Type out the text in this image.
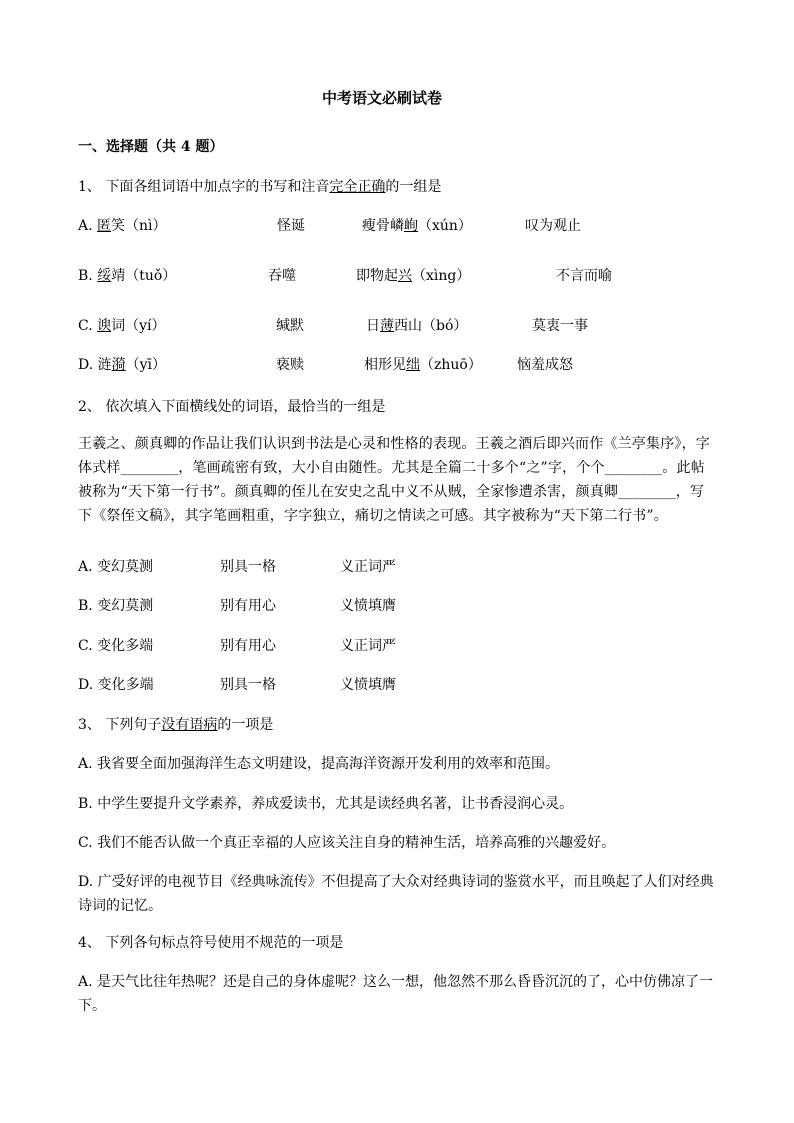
中考语文必刷试卷
一、选择题（共 4 题）
1、 下面各组词语中加点字的书写和注音完全正确的一组是
A. 匿笑（nì）	怪诞	瘦骨嶙峋（xún）	叹为观止
B. 绥靖（tuǒ）	吞噬	即物起兴（xìng）	不言而喻
C. 谀词（yí）	缄默	日薄西山（bó）	莫衷一事
D. 涟漪（yī）	亵赎	相形见绌（zhuō）	恼羞成怒
2、 依次填入下面横线处的词语，最恰当的一组是
王羲之、颜真卿的作品让我们认识到书法是心灵和性格的表现。王羲之酒后即兴而作《兰亭集序》，字体式样________，笔画疏密有致，大小自由随性。尤其是全篇二十多个“之”字，个个________。此帖被称为“天下第一行书”。颜真卿的侄儿在安史之乱中义不从贼，全家惨遭杀害，颜真卿________，写下《祭侄文稿》，其字笔画粗重，字字独立，痛切之情读之可感。其字被称为“天下第二行书”。
A. 变幻莫测	别具一格	义正词严
B. 变幻莫测	别有用心	义愤填膺
C. 变化多端	别有用心	义正词严
D. 变化多端	别具一格	义愤填膺
3、 下列句子没有语病的一项是
A. 我省要全面加强海洋生态文明建设，提高海洋资源开发利用的效率和范围。
B. 中学生要提升文学素养，养成爱读书，尤其是读经典名著，让书香浸润心灵。
C. 我们不能否认做一个真正幸福的人应该关注自身的精神生活，培养高雅的兴趣爱好。
D. 广受好评的电视节目《经典咏流传》不但提高了大众对经典诗词的鉴赏水平，而且唤起了人们对经典诗词的记忆。
4、 下列各句标点符号使用不规范的一项是
A. 是天气比往年热呢？还是自己的身体虚呢？这么一想，他忽然不那么昏昏沉沉的了，心中仿佛凉了一下。
